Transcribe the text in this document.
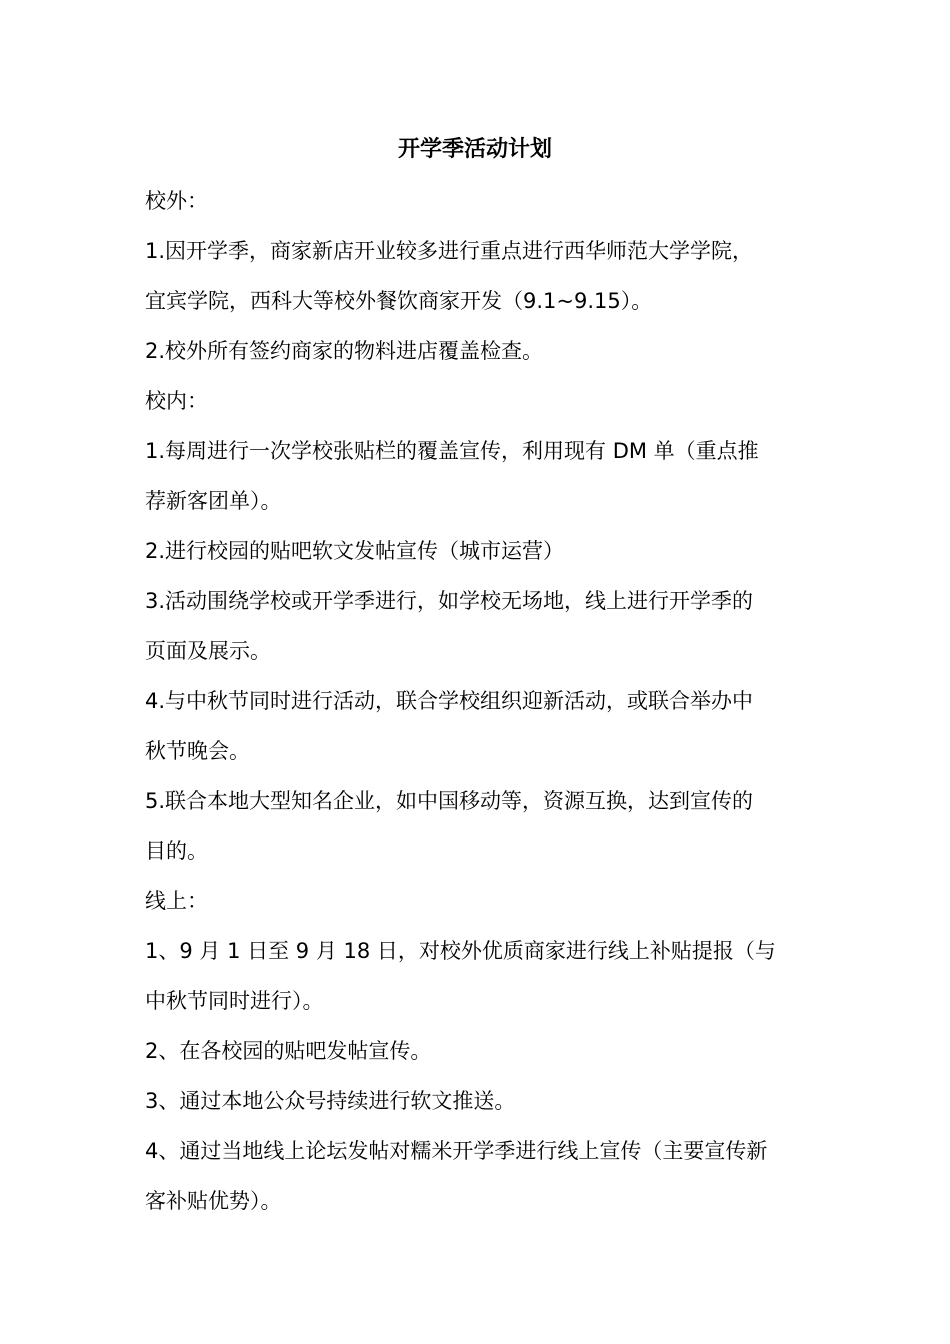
开学季活动计划
校外：
1.因开学季，商家新店开业较多进行重点进行西华师范大学学院，
宜宾学院，西科大等校外餐饮商家开发（9.1~9.15）。
2.校外所有签约商家的物料进店覆盖检查。
校内：
1.每周进行一次学校张贴栏的覆盖宣传，利用现有 DM 单（重点推
荐新客团单）。
2.进行校园的贴吧软文发帖宣传（城市运营）
3.活动围绕学校或开学季进行，如学校无场地，线上进行开学季的
页面及展示。
4.与中秋节同时进行活动，联合学校组织迎新活动，或联合举办中
秋节晚会。
5.联合本地大型知名企业，如中国移动等，资源互换，达到宣传的
目的。
线上：
1、9 月 1 日至 9 月 18 日，对校外优质商家进行线上补贴提报（与
中秋节同时进行）。
2、在各校园的贴吧发帖宣传。
3、通过本地公众号持续进行软文推送。
4、通过当地线上论坛发帖对糯米开学季进行线上宣传（主要宣传新
客补贴优势）。
